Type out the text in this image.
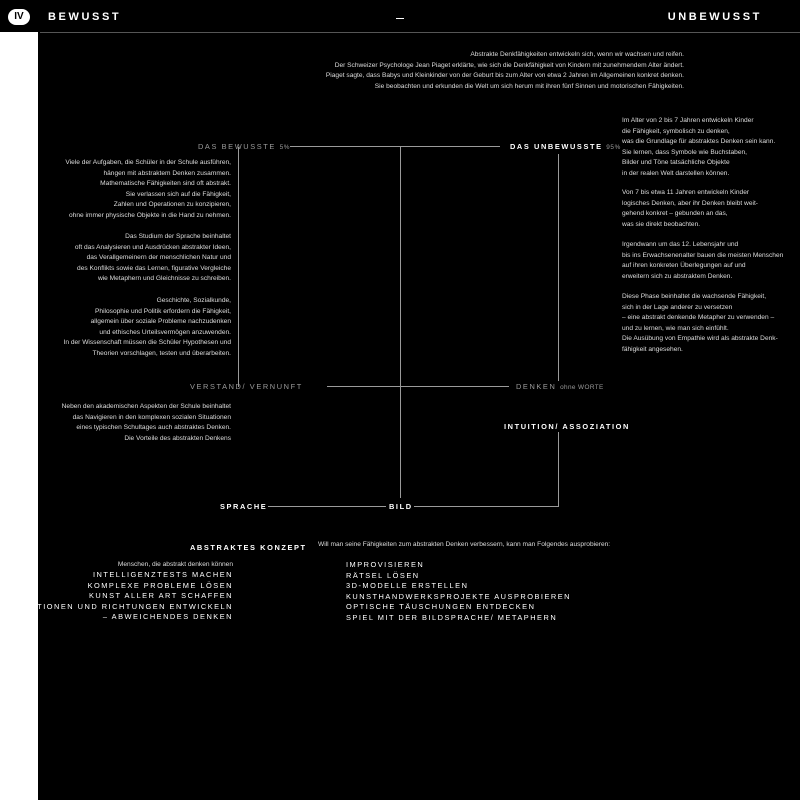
IV	BEWUSST	UNBEWUSST
Abstrakte Denkfähigkeiten entwickeln sich, wenn wir wachsen und reifen.
Der Schweizer Psychologe Jean Piaget erklärte, wie sich die Denkfähigkeit von Kindern mit zunehmendem Alter ändert.
Piaget sagte, dass Babys und Kleinkinder von der Geburt bis zum Alter von etwa 2 Jahren im Allgemeinen konkret denken.
Sie beobachten und erkunden die Welt um sich herum mit ihren fünf Sinnen und motorischen Fähigkeiten.
DAS BEWUSSTE 5%	DAS UNBEWUSSTE 95%
VERSTAND/ VERNUNFT	DENKEN ohne WORTE
INTUITION/ ASSOZIATION
SPRACHE	BILD
Viele der Aufgaben, die Schüler in der Schule ausführen,
hängen mit abstraktem Denken zusammen.
Mathematische Fähigkeiten sind oft abstrakt.
Sie verlassen sich auf die Fähigkeit,
Zahlen und Operationen zu konzipieren,
ohne immer physische Objekte in die Hand zu nehmen.
Das Studium der Sprache beinhaltet
oft das Analysieren und Ausdrücken abstrakter Ideen,
das Verallgemeinern der menschlichen Natur und
des Konflikts sowie das Lernen, figurative Vergleiche
wie Metaphern und Gleichnisse zu schreiben.
Geschichte, Sozialkunde,
Philosophie und Politik erfordern die Fähigkeit,
allgemein über soziale Probleme nachzudenken
und ethisches Urteilsvermögen anzuwenden.
In der Wissenschaft müssen die Schüler Hypothesen und
Theorien vorschlagen, testen und überarbeiten.
Neben den akademischen Aspekten der Schule beinhaltet
das Navigieren in den komplexen sozialen Situationen
eines typischen Schultages auch abstraktes Denken.
Die Vorteile des abstrakten Denkens
Im Alter von 2 bis 7 Jahren entwickeln Kinder
die Fähigkeit, symbolisch zu denken,
was die Grundlage für abstraktes Denken sein kann.
Sie lernen, dass Symbole wie Buchstaben,
Bilder und Töne tatsächliche Objekte
in der realen Welt darstellen können.
Von 7 bis etwa 11 Jahren entwickeln Kinder
logisches Denken, aber ihr Denken bleibt weit-
gehend konkret – gebunden an das,
was sie direkt beobachten.
Irgendwann um das 12. Lebensjahr und
bis ins Erwachsenenalter bauen die meisten Menschen
auf ihren konkreten Überlegungen auf und
erweitern sich zu abstraktem Denken.
Diese Phase beinhaltet die wachsende Fähigkeit,
sich in der Lage anderer zu versetzen
– eine abstrakt denkende Metapher zu verwenden –
und zu lernen, wie man sich einfühlt.
Die Ausübung von Empathie wird als abstrakte Denk-
fähigkeit angesehen.
ABSTRAKTES KONZEPT
Menschen, die abstrakt denken können
INTELLIGENZTESTS MACHEN
KOMPLEXE PROBLEME LÖSEN
KUNST ALLER ART SCHAFFEN
OPTIONEN UND RICHTUNGEN ENTWICKELN
– ABWEICHENDES DENKEN
Will man seine Fähigkeiten zum abstrakten Denken verbessern, kann man Folgendes ausprobieren:
IMPROVISIEREN
RÄTSEL LÖSEN
3D-MODELLE ERSTELLEN
KUNSTHANDWERKSPROJEKTE AUSPROBIEREN
OPTISCHE TÄUSCHUNGEN ENTDECKEN
SPIEL MIT DER BILDSPRACHE/ METAPHERN
